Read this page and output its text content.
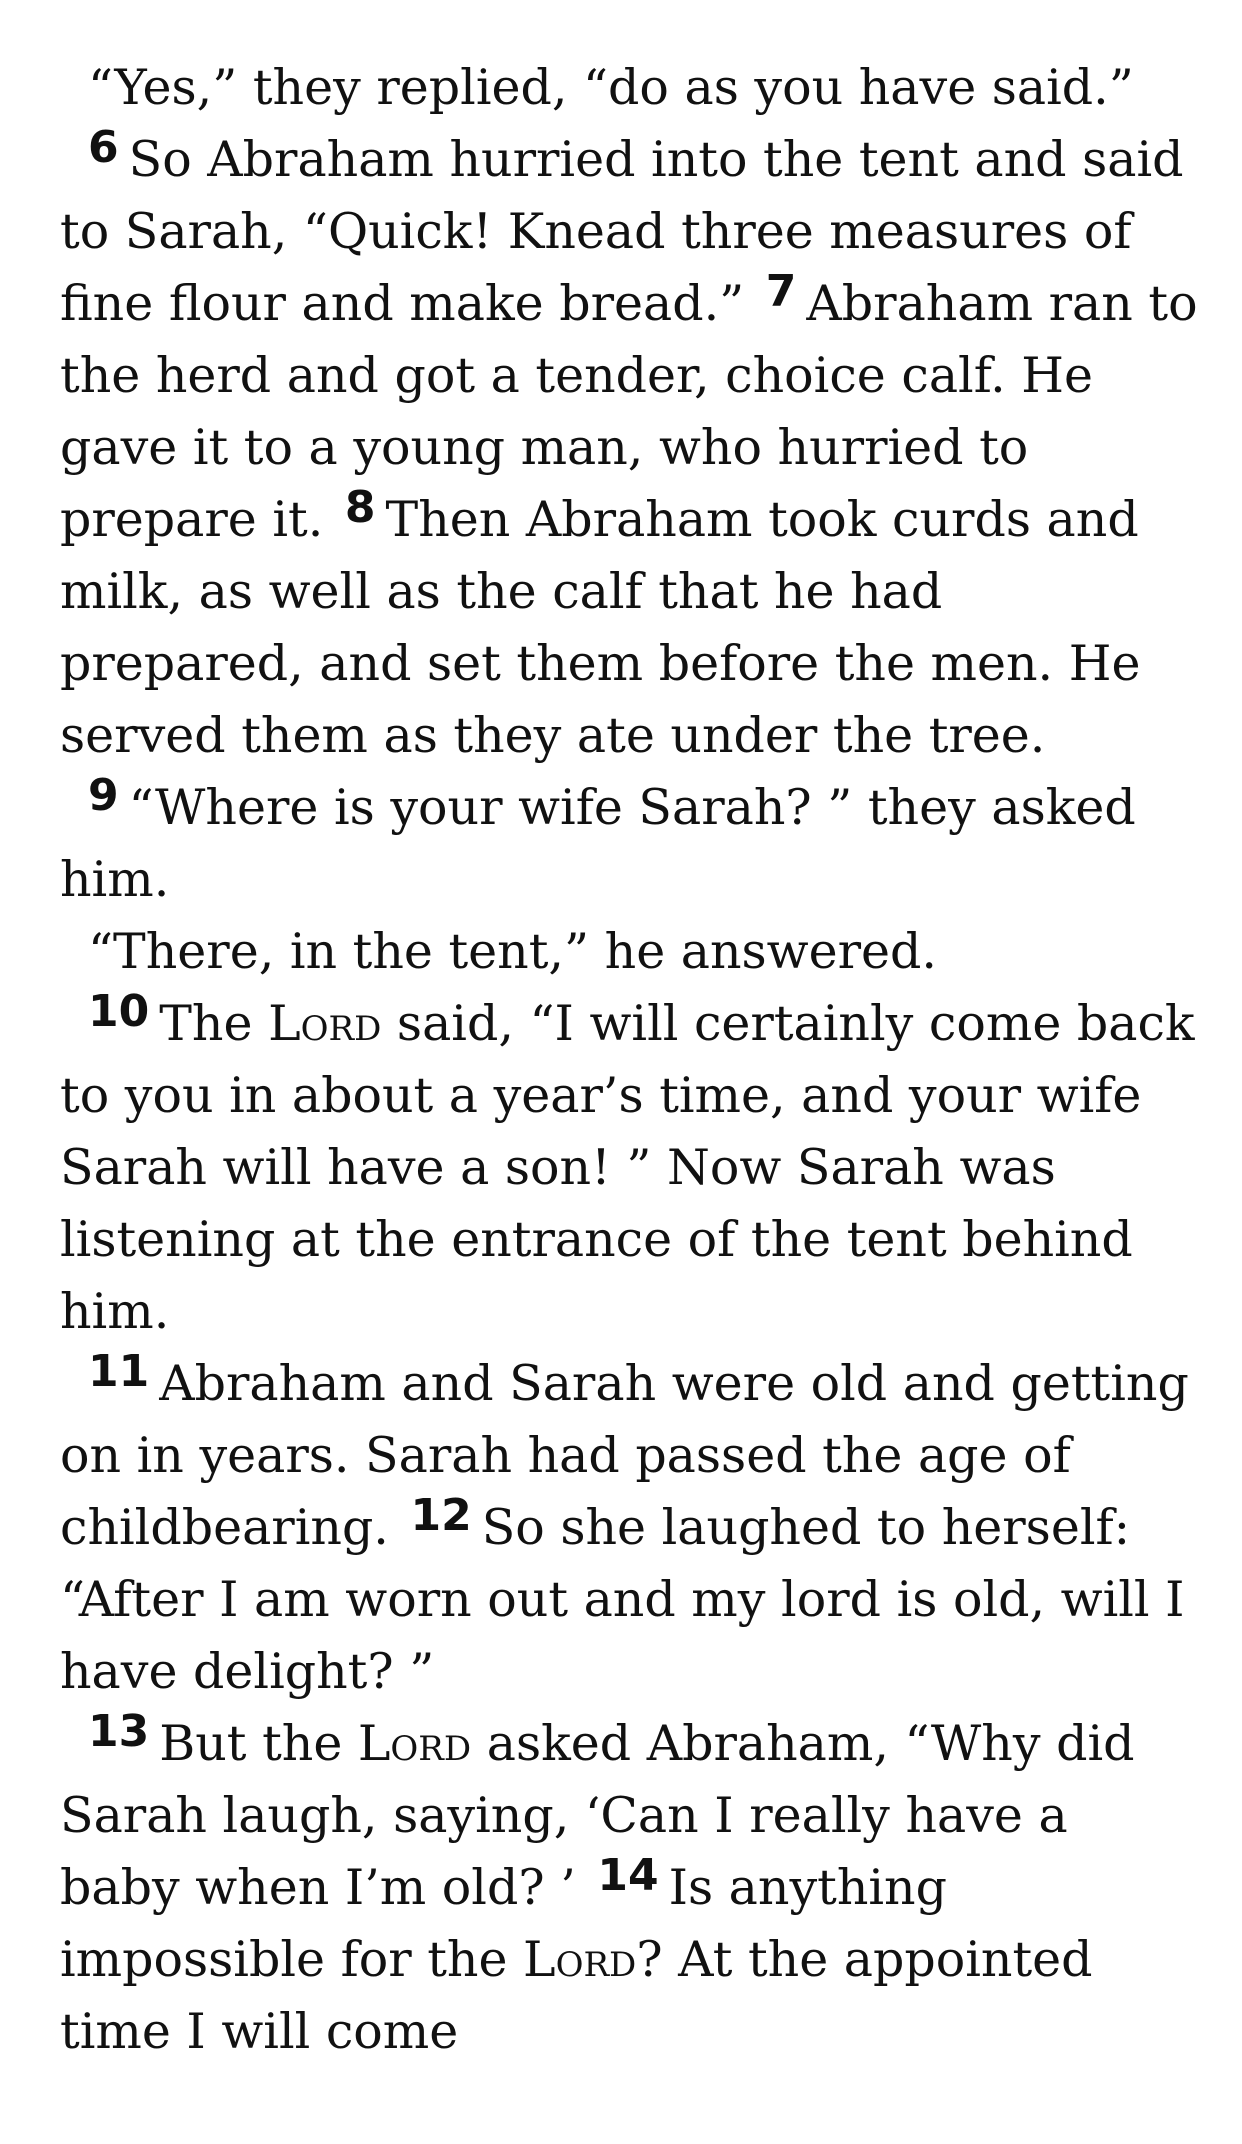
“Yes,” they replied, “do as you have said.”

$^6$ So Abraham hurried into the tent and said to Sarah, “Quick! Knead three measures of fine flour and make bread.” $^7$ Abraham ran to the herd and got a tender, choice calf. He gave it to a young man, who hurried to prepare it. $^8$ Then Abraham took curds and milk, as well as the calf that he had prepared, and set them before the men. He served them as they ate under the tree.

$^9$ “Where is your wife Sarah? ” they asked him.

“There, in the tent,” he answered.

$^{10}$ The Lord said, “I will certainly come back to you in about a year’s time, and your wife Sarah will have a son! ” Now Sarah was listening at the entrance of the tent behind him.

$^{11}$ Abraham and Sarah were old and getting on in years. Sarah had passed the age of childbearing. $^{12}$ So she laughed to herself: “After I am worn out and my lord is old, will I have delight? ”

$^{13}$ But the Lord asked Abraham, “Why did Sarah laugh, saying, ‘Can I really have a baby when I’m old? ’ $^{14}$ Is anything impossible for the Lord? At the appointed time I will come
